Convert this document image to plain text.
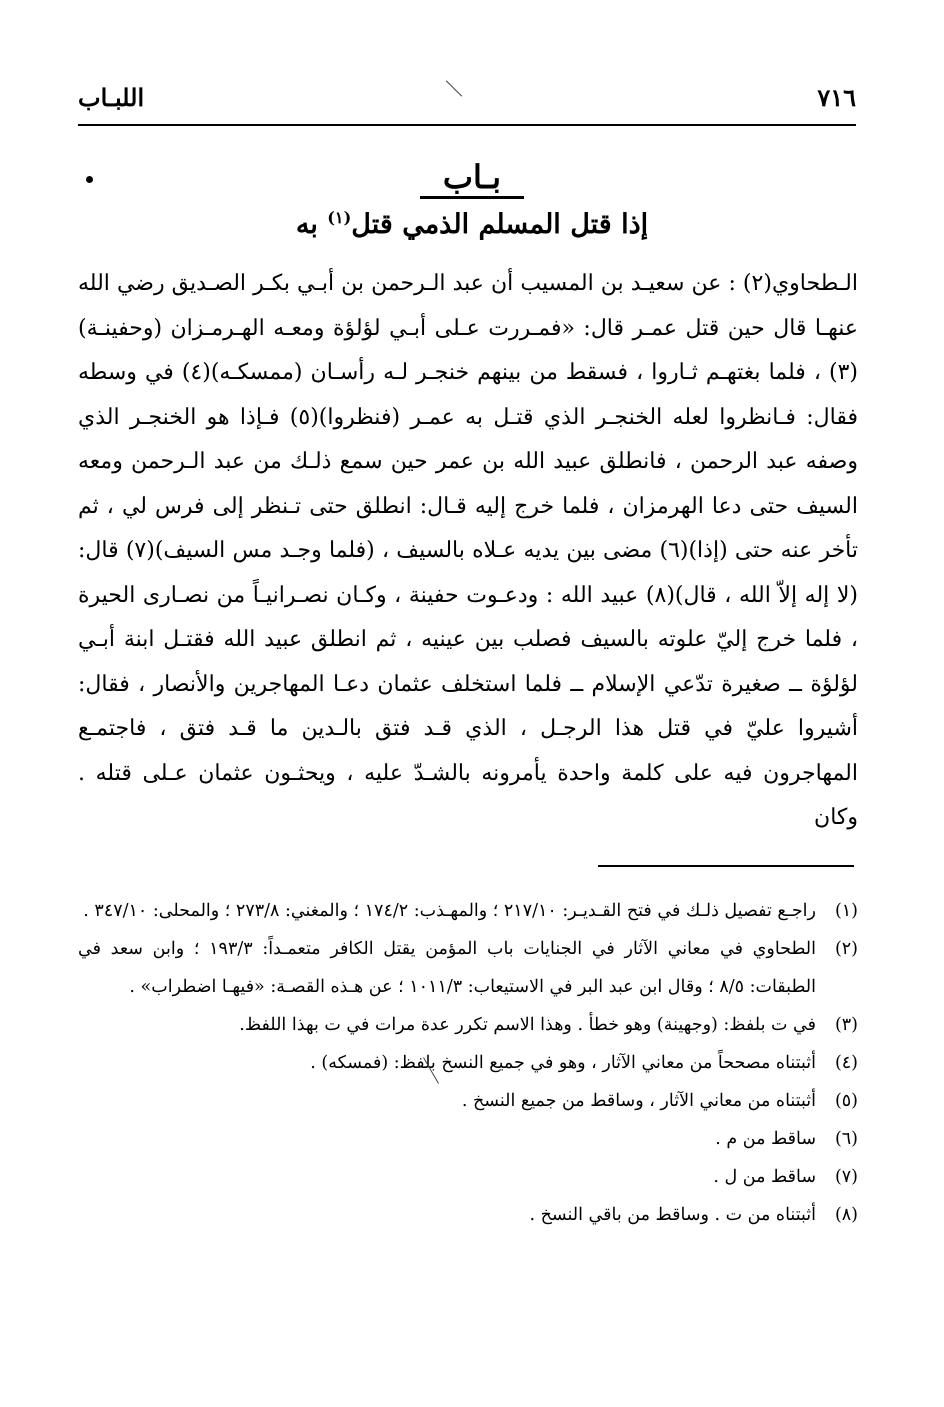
٧١٦
اللبـاب
بـاب
إذا قتل المسلم الذمي قتل$^{(١)}$ به

الـطحاوي(٢) : عن سعيـد بن المسيب أن عبد الـرحمن بن أبـي بكـر الصـديق رضي الله عنهـا قال حين قتل عمـر قال: «فمـررت عـلى أبـي لؤلؤة ومعـه الهـرمـزان (وحفينـة)(٣) ، فلما بغتهـم ثـاروا ، فسقط من بينهم خنجـر لـه رأسـان (ممسكـه)(٤) في وسطه فقال: فـانظروا لعله الخنجـر الذي قتـل به عمـر (فنظروا)(٥) فـإذا هو الخنجـر الذي وصفه عبد الرحمن ، فانطلق عبيد الله بن عمر حين سمع ذلـك من عبد الـرحمن ومعه السيف حتى دعا الهرمزان ، فلما خرج إليه قـال: انطلق حتى تـنظر إلى فرس لي ، ثم تأخر عنه حتى (إذا)(٦) مضى بين يديه عـلاه بالسيف ، (فلما وجـد مس السيف)(٧) قال: (لا إله إلاّ الله ، قال)(٨) عبيد الله : ودعـوت حفينة ، وكـان نصـرانيـاً من نصـارى الحيرة ، فلما خرج إليّ علوته بالسيف فصلب بين عينيه ، ثم انطلق عبيد الله فقتـل ابنة أبـي لؤلؤة ــ صغيرة تدّعي الإسلام ــ فلما استخلف عثمان دعـا المهاجرين والأنصار ، فقال: أشيروا عليّ في قتل هذا الرجـل ، الذي قـد فتق بالـدين ما قـد فتق ، فاجتمـع المهاجرون فيه على كلمة واحدة يأمرونه بالشـدّ عليه ، ويحثـون عثمان عـلى قتله . وكان

(١)
راجـع تفصيل ذلـك في فتح القـديـر: ٢١٧/١٠ ؛ والمهـذب: ١٧٤/٢ ؛ والمغني: ٢٧٣/٨ ؛ والمحلى: ٣٤٧/١٠ .
(٢)
الطحاوي في معاني الآثار في الجنايات باب المؤمن يقتل الكافر متعمـداً: ١٩٣/٣ ؛ وابن سعد في الطبقات: ٨/٥ ؛ وقال ابن عبد البر في الاستيعاب: ١٠١١/٣ ؛ عن هـذه القصـة: «فيهـا اضطراب» .
(٣)
في ت بلفظ: (وجهينة) وهو خطأ . وهذا الاسم تكرر عدة مرات في ت بهذا اللفظ.
(٤)
أثبتناه مصححاً من معاني الآثار ، وهو في جميع النسخ بلفظ: (فمسكه) .
(٥)
أثبتناه من معاني الآثار ، وساقط من جميع النسخ .
(٦)
ساقط من م .
(٧)
ساقط من ل .
(٨)
أثبتناه من ت . وساقط من باقي النسخ .
